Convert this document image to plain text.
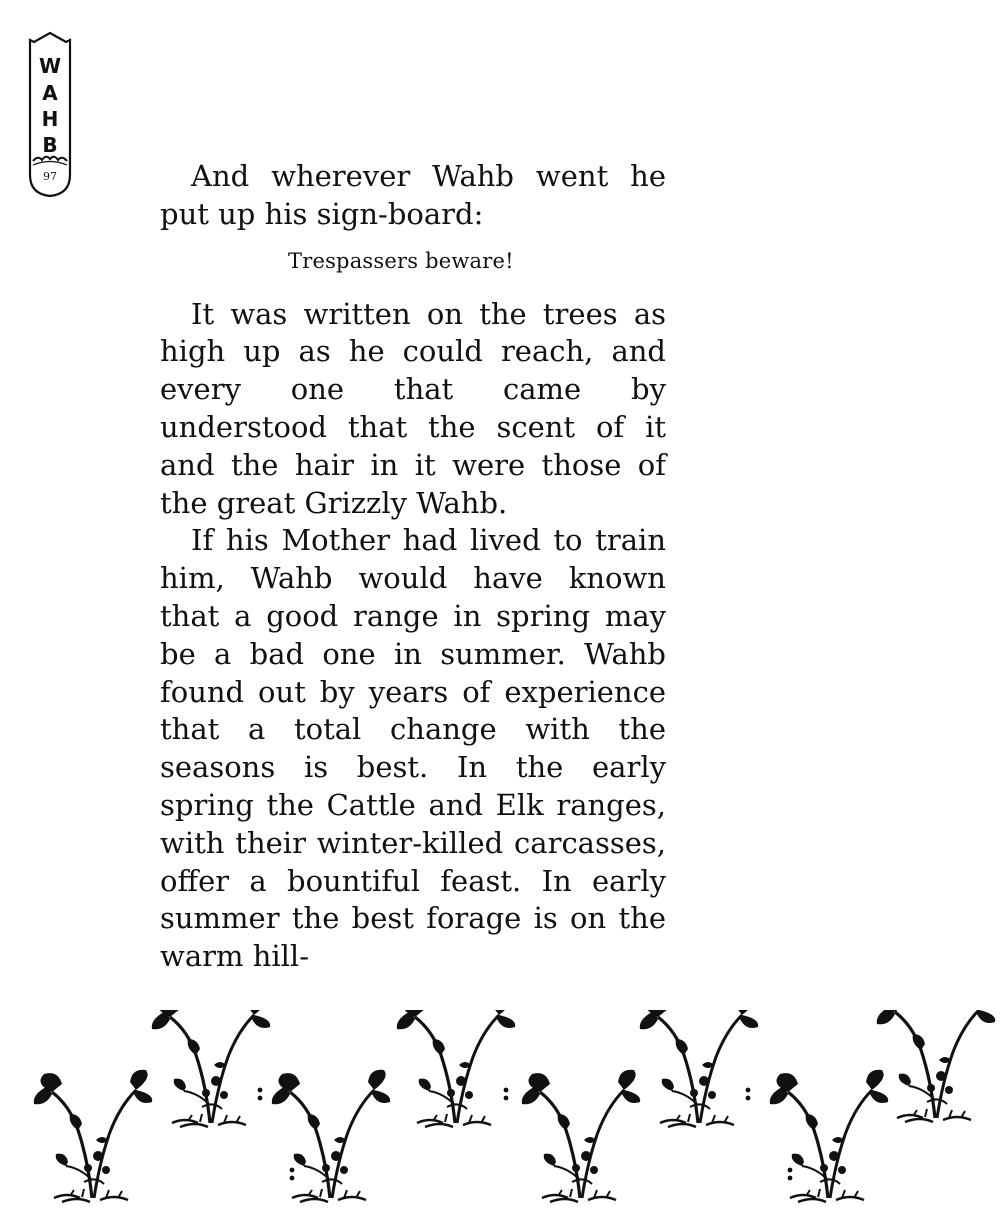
W
A
H
B
97	And wherever Wahb went he put up his sign-board:

Trespassers beware!

It was written on the trees as high up as he could reach, and every one that came by understood that the scent of it and the hair in it were those of the great Grizzly Wahb.

If his Mother had lived to train him, Wahb would have known that a good range in spring may be a bad one in summer. Wahb found out by years of experience that a total change with the seasons is best. In the early spring the Cattle and Elk ranges, with their winter-killed carcasses, offer a bountiful feast. In early summer the best forage is on the warm hill-
